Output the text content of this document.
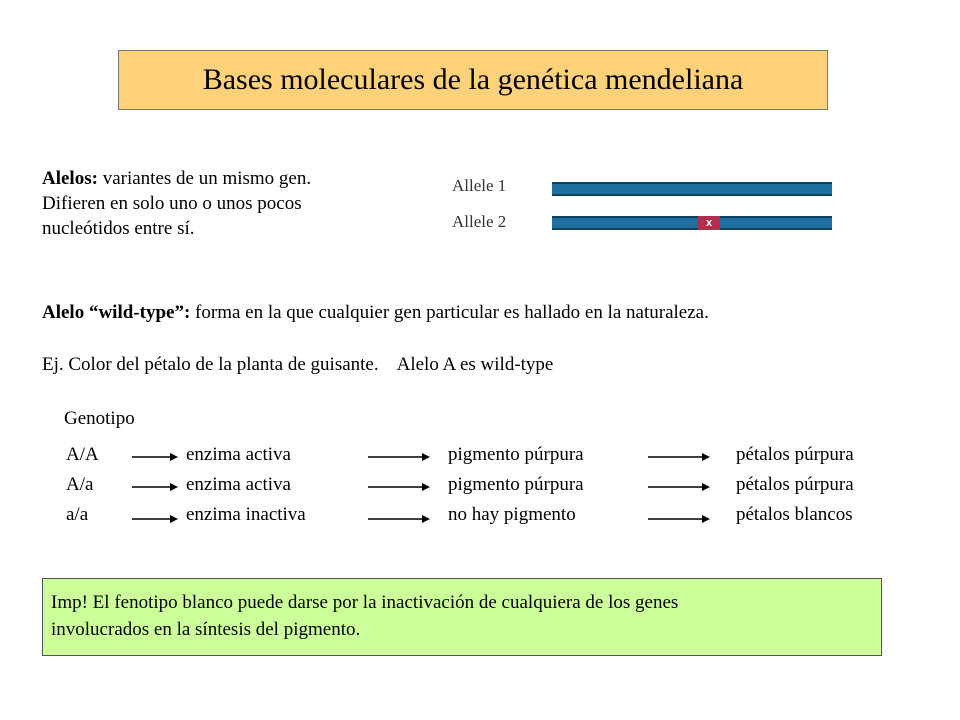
Bases moleculares de la genética mendeliana
Alelos: variantes de un mismo gen.
Difieren en solo uno o unos pocos
nucleótidos entre sí.
Allele 1
Allele 2	x
Alelo “wild-type”: forma en la que cualquier gen particular es hallado en la naturaleza.
Ej. Color del pétalo de la planta de guisante. Alelo A es wild-type
Genotipo
A/A	enzima activa	pigmento púrpura	pétalos púrpura
A/a	enzima activa	pigmento púrpura	pétalos púrpura
a/a	enzima inactiva	no hay pigmento	pétalos blancos
Imp! El fenotipo blanco puede darse por la inactivación de cualquiera de los genes
involucrados en la síntesis del pigmento.
